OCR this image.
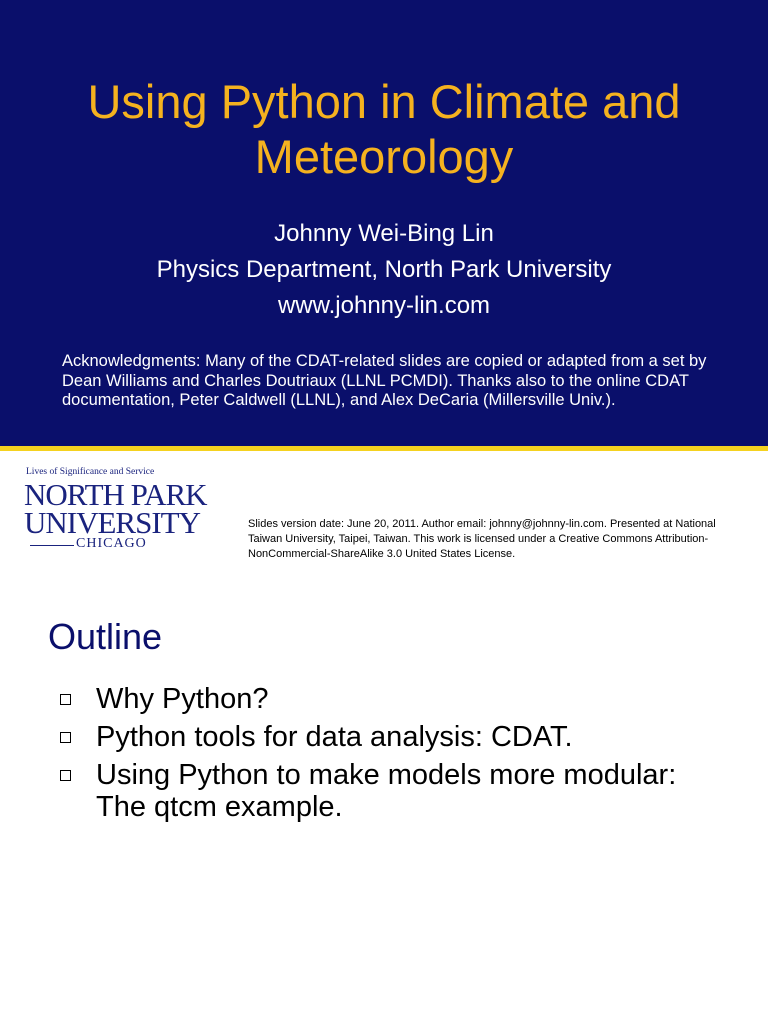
Using Python in Climate and Meteorology
Johnny Wei-Bing Lin
Physics Department, North Park University
www.johnny-lin.com

Acknowledgments: Many of the CDAT-related slides are copied or adapted from a set by Dean Williams and Charles Doutriaux (LLNL PCMDI). Thanks also to the online CDAT documentation, Peter Caldwell (LLNL), and Alex DeCaria (Millersville Univ.).

Lives of Significance and Service
NORTH PARK
UNIVERSITY
CHICAGO

Slides version date: June 20, 2011. Author email: johnny@johnny-lin.com. Presented at National Taiwan University, Taipei, Taiwan. This work is licensed under a Creative Commons Attribution-NonCommercial-ShareAlike 3.0 United States License.

Outline
Why Python?
Python tools for data analysis: CDAT.
Using Python to make models more modular: The qtcm example.
